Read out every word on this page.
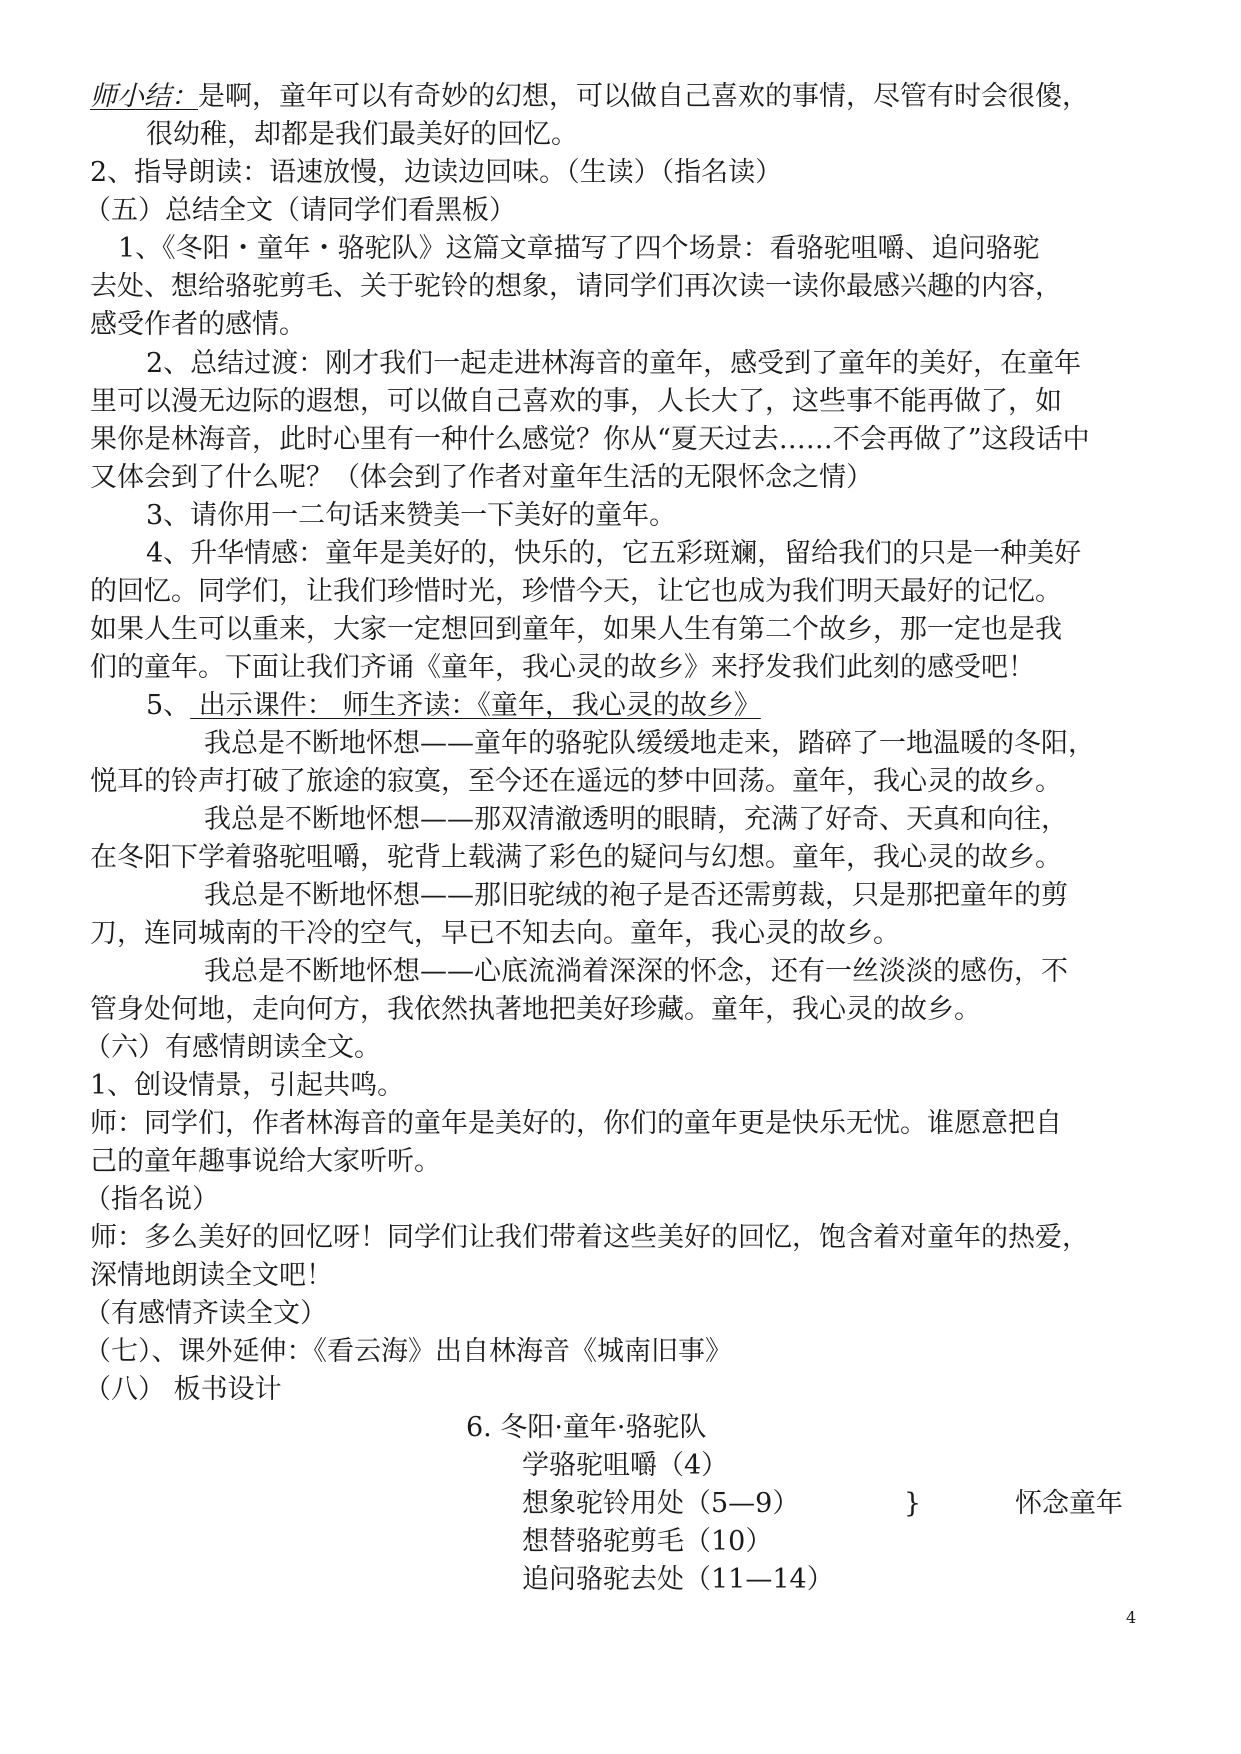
师小结：是啊，童年可以有奇妙的幻想，可以做自己喜欢的事情，尽管有时会很傻，
很幼稚，却都是我们最美好的回忆。
2、指导朗读：语速放慢，边读边回味。（生读）（指名读）
（五）总结全文（请同学们看黑板）
1、《冬阳・童年・骆驼队》这篇文章描写了四个场景：看骆驼咀嚼、追问骆驼
去处、想给骆驼剪毛、关于驼铃的想象，请同学们再次读一读你最感兴趣的内容，
感受作者的感情。
2、总结过渡：刚才我们一起走进林海音的童年，感受到了童年的美好，在童年
里可以漫无边际的遐想，可以做自己喜欢的事，人长大了，这些事不能再做了，如
果你是林海音，此时心里有一种什么感觉？你从“夏天过去……不会再做了”这段话中
又体会到了什么呢？（体会到了作者对童年生活的无限怀念之情）
3、请你用一二句话来赞美一下美好的童年。
4、升华情感：童年是美好的，快乐的，它五彩斑斓，留给我们的只是一种美好
的回忆。同学们，让我们珍惜时光，珍惜今天，让它也成为我们明天最好的记忆。
如果人生可以重来，大家一定想回到童年，如果人生有第二个故乡，那一定也是我
们的童年。下面让我们齐诵《童年，我心灵的故乡》来抒发我们此刻的感受吧！
5、 出示课件： 师生齐读：《童年，我心灵的故乡》
我总是不断地怀想——童年的骆驼队缓缓地走来，踏碎了一地温暖的冬阳，
悦耳的铃声打破了旅途的寂寞，至今还在遥远的梦中回荡。童年，我心灵的故乡。
我总是不断地怀想——那双清澈透明的眼睛，充满了好奇、天真和向往，
在冬阳下学着骆驼咀嚼，驼背上载满了彩色的疑问与幻想。童年，我心灵的故乡。
我总是不断地怀想——那旧驼绒的袍子是否还需剪裁，只是那把童年的剪
刀，连同城南的干冷的空气，早已不知去向。童年，我心灵的故乡。
我总是不断地怀想——心底流淌着深深的怀念，还有一丝淡淡的感伤，不
管身处何地，走向何方，我依然执著地把美好珍藏。童年，我心灵的故乡。
（六）有感情朗读全文。
1、创设情景，引起共鸣。
师：同学们，作者林海音的童年是美好的，你们的童年更是快乐无忧。谁愿意把自
己的童年趣事说给大家听听。
（指名说）
师：多么美好的回忆呀！同学们让我们带着这些美好的回忆，饱含着对童年的热爱，
深情地朗读全文吧！
（有感情齐读全文）
（七）、课外延伸：《看云海》出自林海音《城南旧事》
（八） 板书设计
6. 冬阳·童年·骆驼队
学骆驼咀嚼（4）
想象驼铃用处（5—9）	}	怀念童年
想替骆驼剪毛（10）
追问骆驼去处（11—14）
4
